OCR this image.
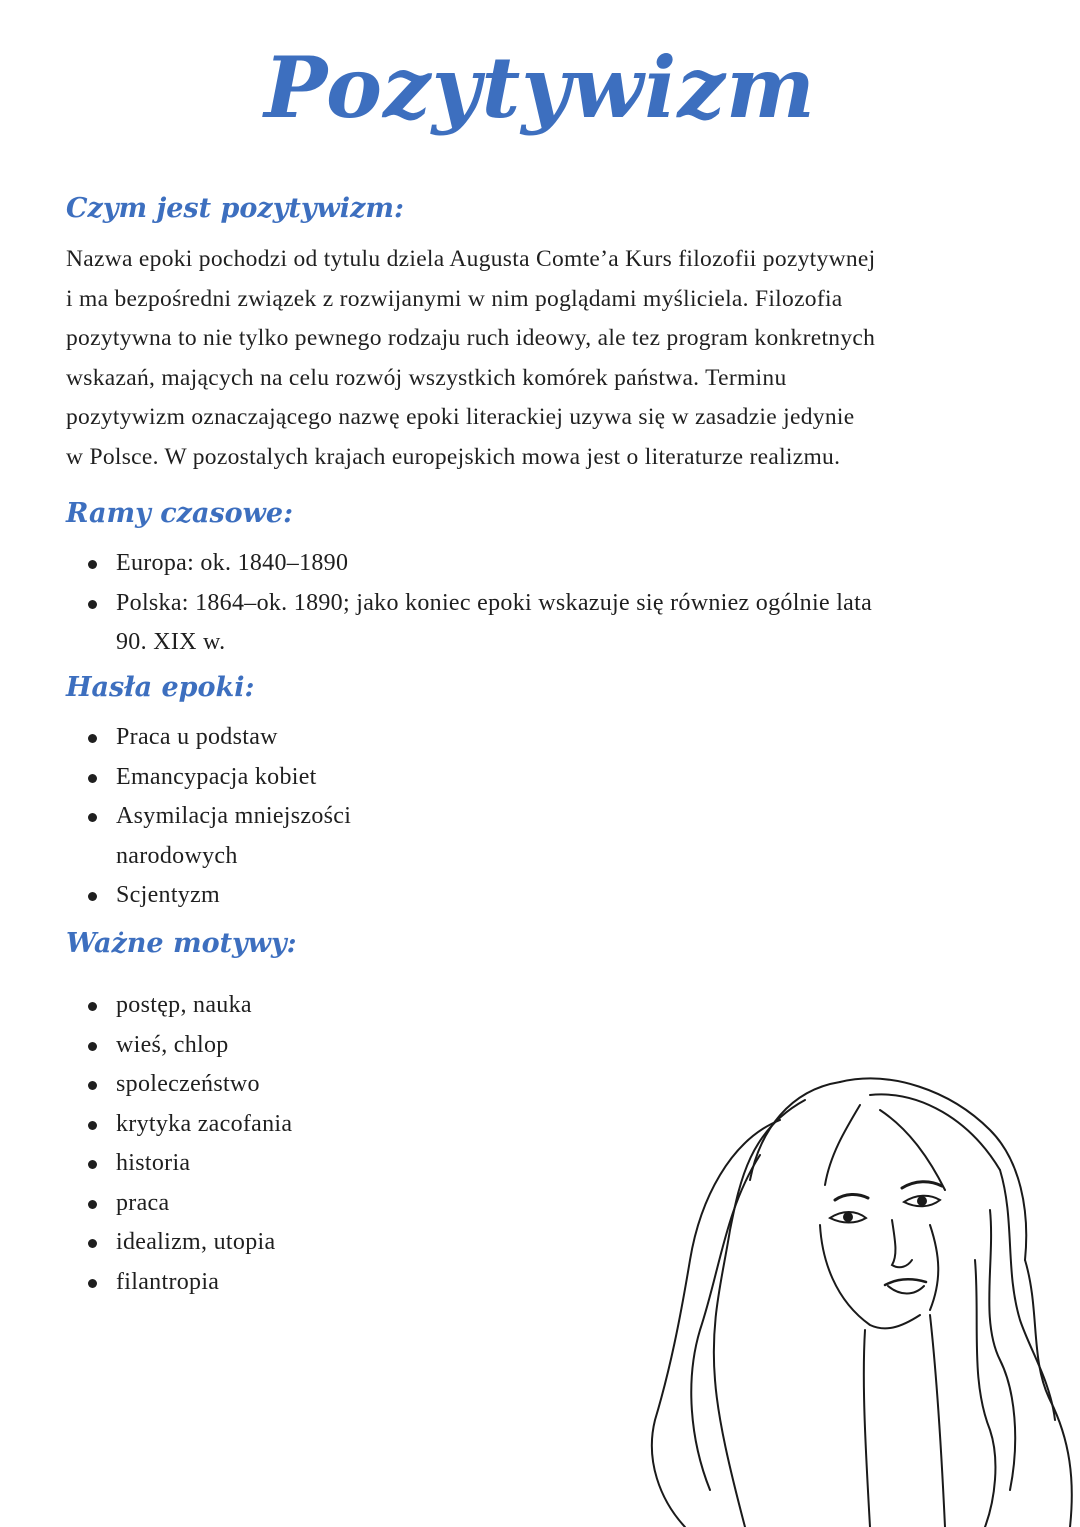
Pozytywizm
Czym jest pozytywizm:

Nazwa epoki pochodzi od tytulu dziela Augusta Comte’a Kurs filozofii pozytywnej
i ma bezpośredni związek z rozwijanymi w nim poglądami myśliciela. Filozofia
pozytywna to nie tylko pewnego rodzaju ruch ideowy, ale tez program konkretnych
wskazań, mających na celu rozwój wszystkich komórek państwa. Terminu
pozytywizm oznaczającego nazwę epoki literackiej uzywa się w zasadzie jedynie
w Polsce. W pozostalych krajach europejskich mowa jest o literaturze realizmu.

Ramy czasowe:
Europa: ok. 1840–1890
Polska: 1864–ok. 1890; jako koniec epoki wskazuje się równiez ogólnie lata
90. XIX w.
Hasła epoki:
Praca u podstaw
Emancypacja kobiet
Asymilacja mniejszości
narodowych
Scjentyzm
Ważne motywy:
postęp, nauka
wieś, chlop
spoleczeństwo
krytyka zacofania
historia
praca
idealizm, utopia
filantropia
